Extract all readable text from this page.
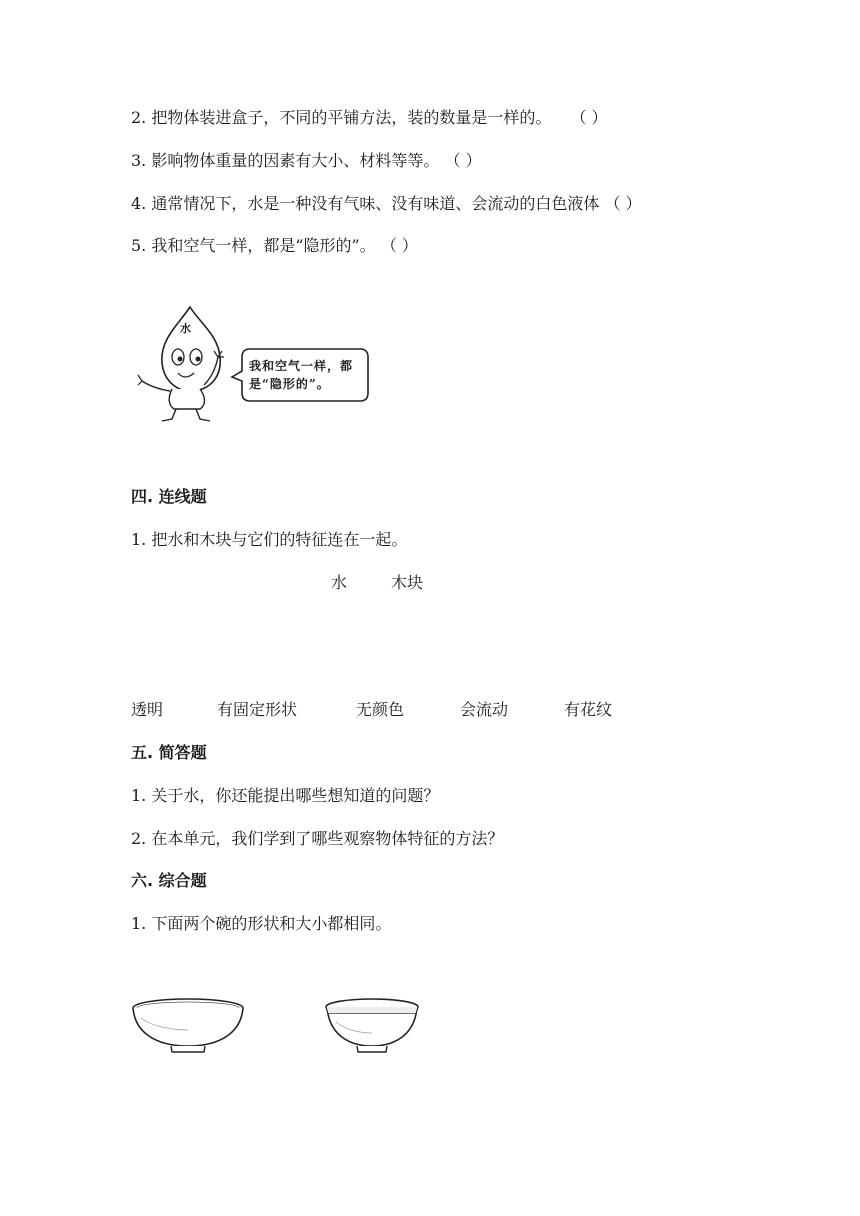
2. 把物体装进盒子，不同的平铺方法，装的数量是一样的。 （ ）
3. 影响物体重量的因素有大小、材料等等。 （ ）
4. 通常情况下，水是一种没有气味、没有味道、会流动的白色液体 （ ）
5. 我和空气一样，都是“隐形的”。 （ ）
水
我和空气一样，都
是“隐形的”。
四. 连线题
1. 把水和木块与它们的特征连在一起。
水	木块
透明	有固定形状	无颜色	会流动	有花纹
五. 简答题
1. 关于水，你还能提出哪些想知道的问题？
2. 在本单元，我们学到了哪些观察物体特征的方法？
六. 综合题
1. 下面两个碗的形状和大小都相同。
